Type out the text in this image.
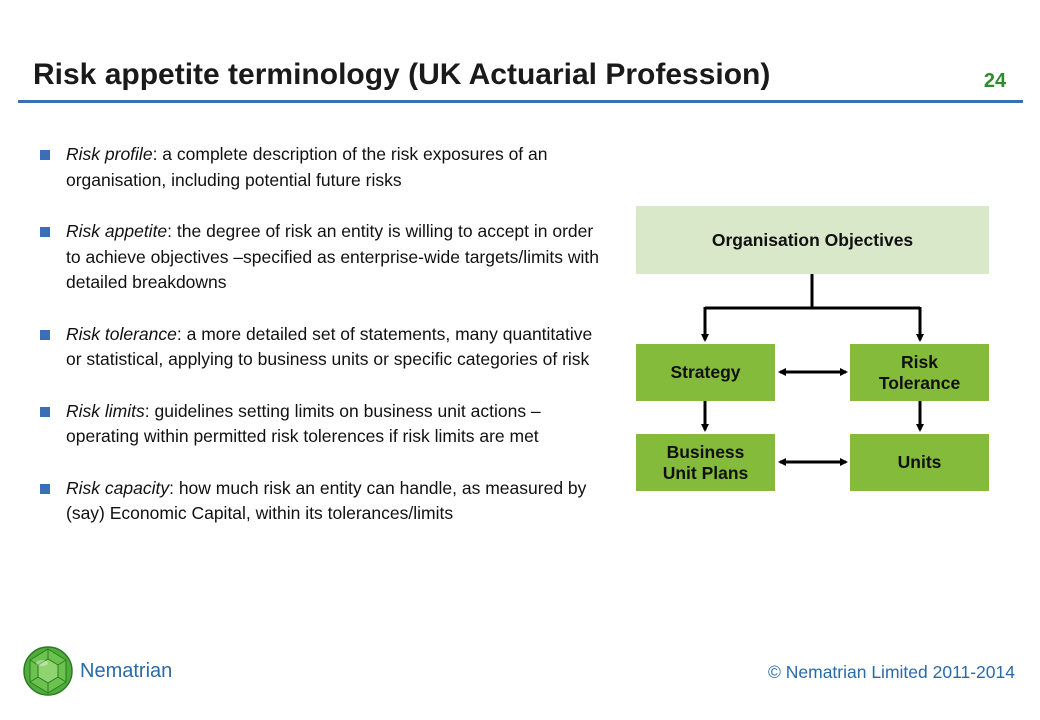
Risk appetite terminology (UK Actuarial Profession)	24
Risk profile: a complete description of the risk exposures of an organisation, including potential future risks
Risk appetite: the degree of risk an entity is willing to accept in order to achieve objectives –specified as enterprise-wide targets/limits with detailed breakdowns
Risk tolerance: a more detailed set of statements, many quantitative or statistical, applying to business units or specific categories of risk
Risk limits: guidelines setting limits on business unit actions – operating within permitted risk tolerences if risk limits are met
Risk capacity: how much risk an entity can handle, as measured by (say) Economic Capital, within its tolerances/limits
Organisation Objectives
Strategy
Risk
Tolerance
Business
Unit Plans
Units
Nematrian	© Nematrian Limited 2011-2014
